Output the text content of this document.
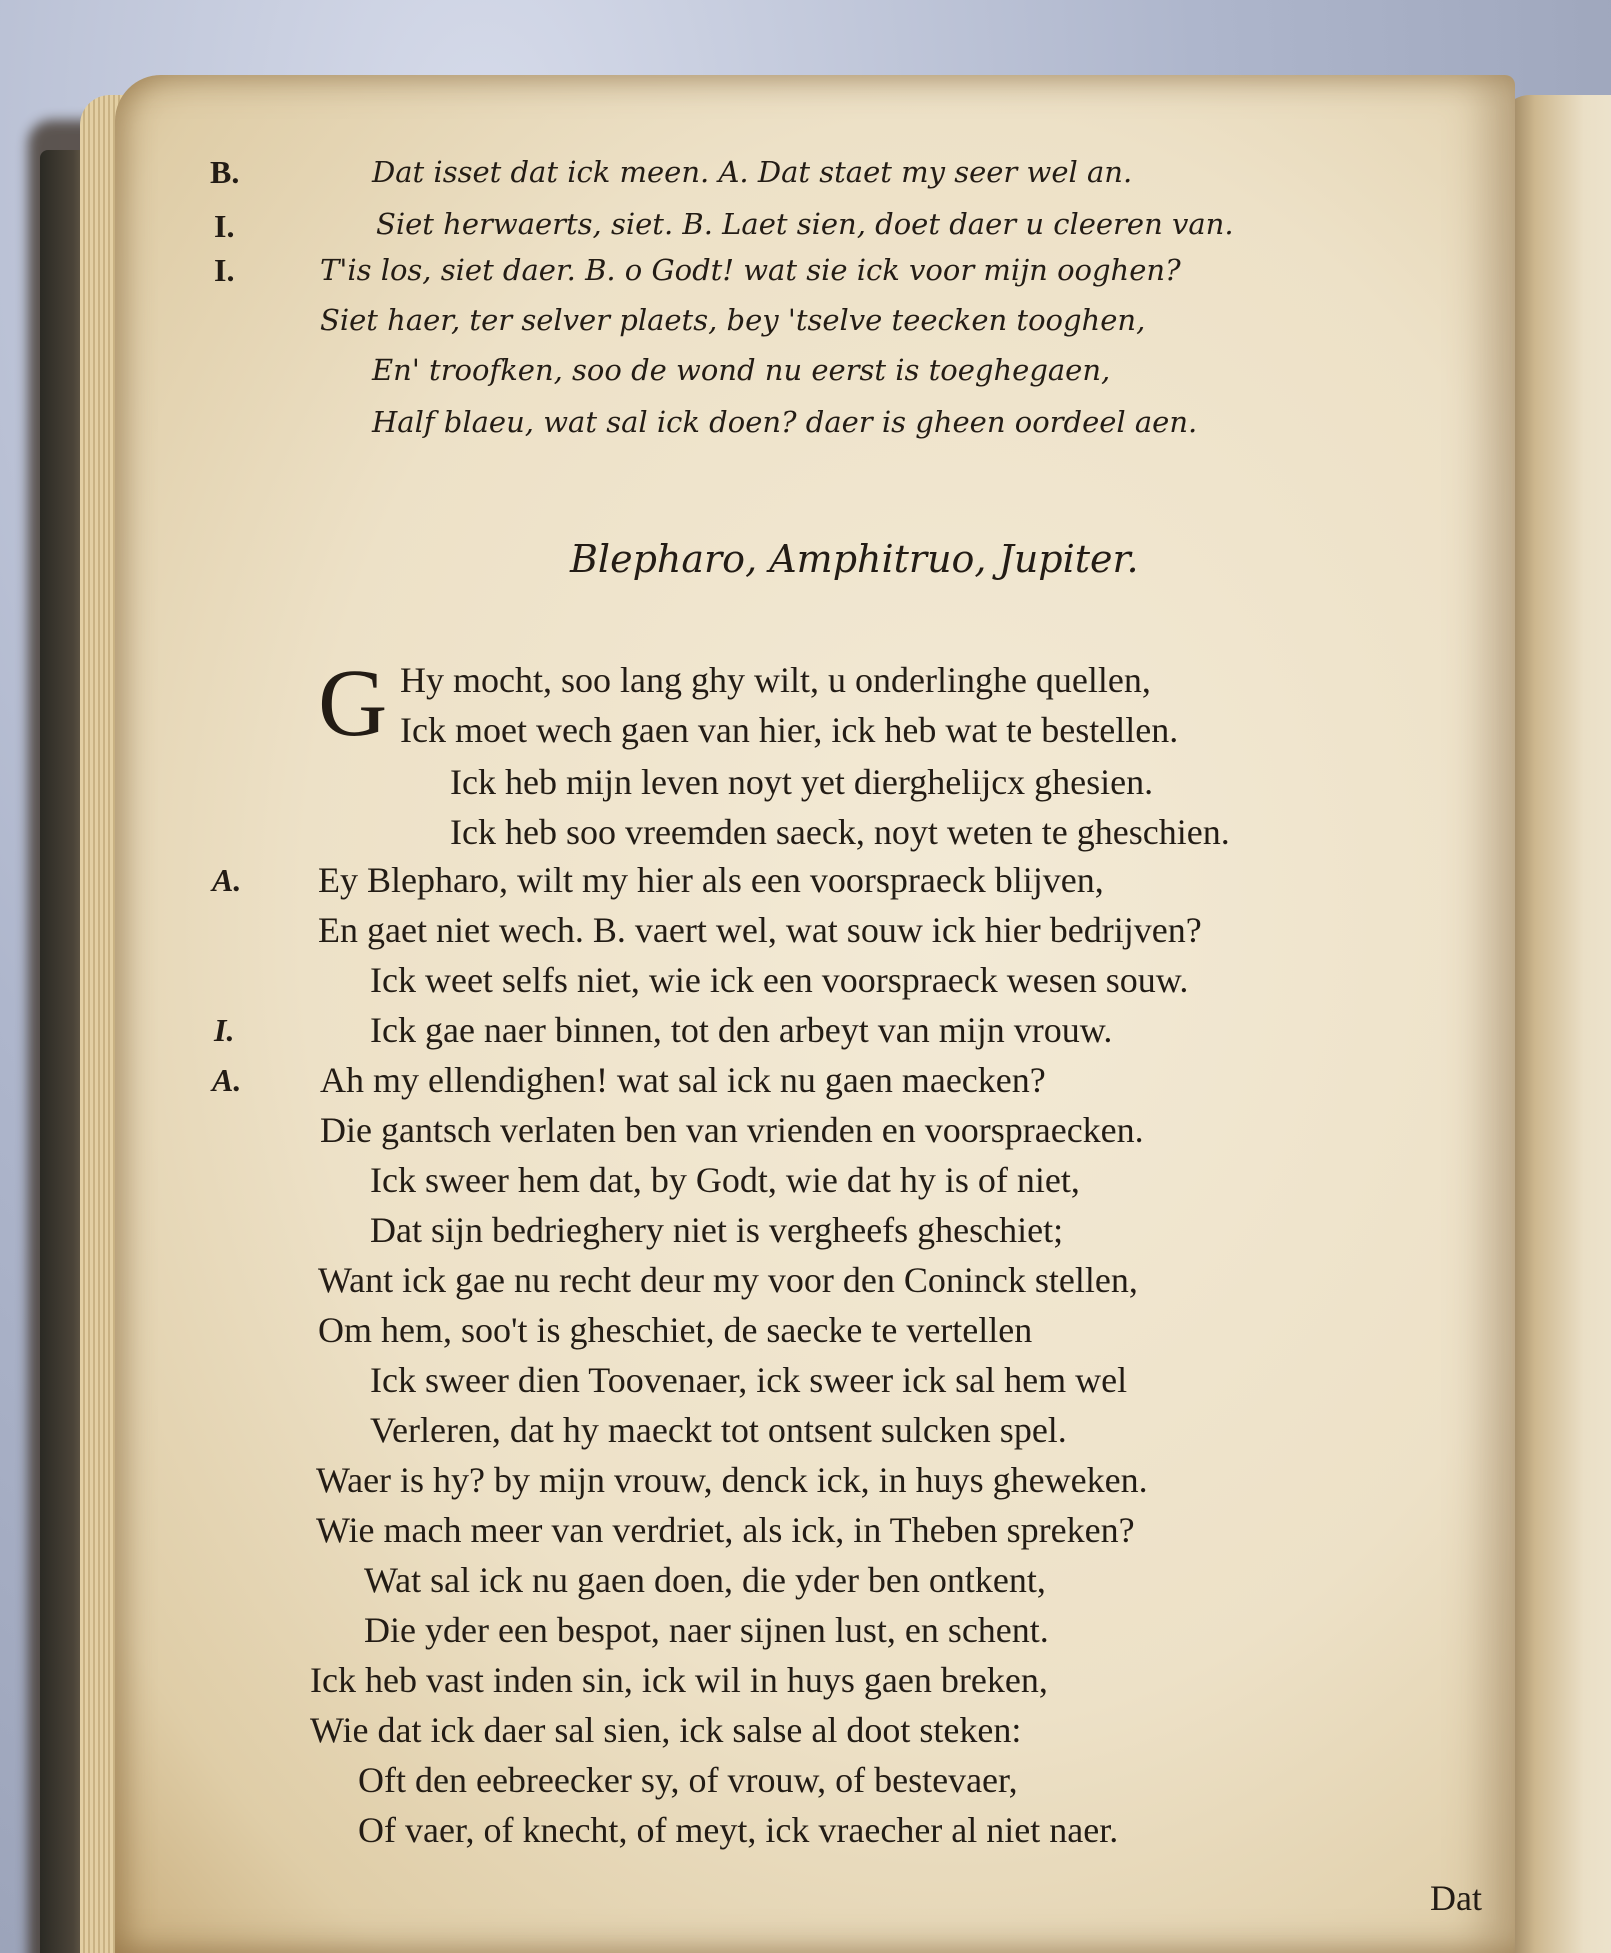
B.
I.
I.
Dat isset dat ick meen. A. Dat staet my seer wel an.
Siet herwaerts, siet. B. Laet sien, doet daer u cleeren van.
T'is los, siet daer. B. o Godt! wat sie ick voor mijn ooghen?
Siet haer, ter selver plaets, bey 'tselve teecken tooghen,
En' troofken, soo de wond nu eerst is toeghegaen,
Half blaeu, wat sal ick doen? daer is gheen oordeel aen.
Blepharo, Amphitruo, Jupiter.
G Hy mocht, soo lang ghy wilt, u onderlinghe quellen,
Ick moet wech gaen van hier, ick heb wat te bestellen.
Ick heb mijn leven noyt yet dierghelijcx ghesien.
Ick heb soo vreemden saeck, noyt weten te gheschien.
A. Ey Blepharo, wilt my hier als een voorspraeck blijven,
En gaet niet wech. B. vaert wel, wat souw ick hier bedrijven?
Ick weet selfs niet, wie ick een voorspraeck wesen souw.
I.	Ick gae naer binnen, tot den arbeyt van mijn vrouw.
A. Ah my ellendighen! wat sal ick nu gaen maecken?
Die gantsch verlaten ben van vrienden en voorspraecken.
Ick sweer hem dat, by Godt, wie dat hy is of niet,
Dat sijn bedrieghery niet is vergheefs gheschiet;
Want ick gae nu recht deur my voor den Coninck stellen,
Om hem, soo't is gheschiet, de saecke te vertellen
Ick sweer dien Toovenaer, ick sweer ick sal hem wel
Verleren, dat hy maeckt tot ontsent sulcken spel.
Waer is hy? by mijn vrouw, denck ick, in huys gheweken.
Wie mach meer van verdriet, als ick, in Theben spreken?
Wat sal ick nu gaen doen, die yder ben ontkent,
Die yder een bespot, naer sijnen lust, en schent.
Ick heb vast inden sin, ick wil in huys gaen breken,
Wie dat ick daer sal sien, ick salse al doot steken:
Oft den eebreecker sy, of vrouw, of bestevaer,
Of vaer, of knecht, of meyt, ick vraecher al niet naer.
Dat
